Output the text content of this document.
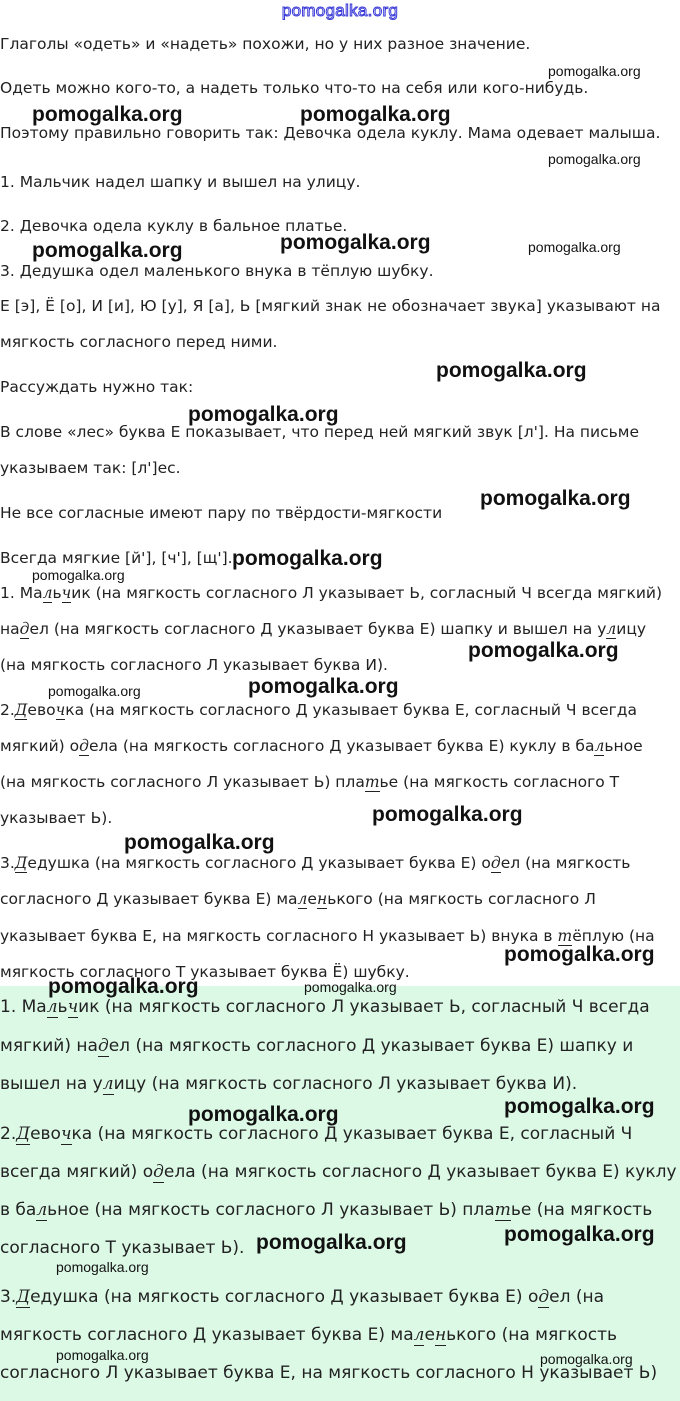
pomogalka.org
Глаголы «одеть» и «надеть» похожи, но у них разное значение.
Одеть можно кого-то, а надеть только что-то на себя или кого-нибудь.
Поэтому правильно говорить так: Девочка одела куклу. Мама одевает малыша.
1. Мальчик надел шапку и вышел на улицу.
2. Девочка одела куклу в бальное платье.
3. Дедушка одел маленького внука в тёплую шубку.
Е [э], Ё [о], И [и], Ю [у], Я [а], Ь [мягкий знак не обозначает звука] указывают на
мягкость согласного перед ними.
Рассуждать нужно так:
В слове «лес» буква Е показывает, что перед ней мягкий звук [л']. На письме
указываем так: [л']ес.
Не все согласные имеют пару по твёрдости-мягкости
Всегда мягкие [й'], [ч'], [щ'].
1. Мальчик (на мягкость согласного Л указывает Ь, согласный Ч всегда мягкий)
надел (на мягкость согласного Д указывает буква Е) шапку и вышел на улицу
(на мягкость согласного Л указывает буква И).
2.Девочка (на мягкость согласного Д указывает буква Е, согласный Ч всегда
мягкий) одела (на мягкость согласного Д указывает буква Е) куклу в бальное
(на мягкость согласного Л указывает Ь) платье (на мягкость согласного Т
указывает Ь).
3.Дедушка (на мягкость согласного Д указывает буква Е) одел (на мягкость
согласного Д указывает буква Е) маленького (на мягкость согласного Л
указывает буква Е, на мягкость согласного Н указывает Ь) внука в тёплую (на
мягкость согласного Т указывает буква Ё) шубку.
1. Мальчик (на мягкость согласного Л указывает Ь, согласный Ч всегда
мягкий) надел (на мягкость согласного Д указывает буква Е) шапку и
вышел на улицу (на мягкость согласного Л указывает буква И).
2.Девочка (на мягкость согласного Д указывает буква Е, согласный Ч
всегда мягкий) одела (на мягкость согласного Д указывает буква Е) куклу
в бальное (на мягкость согласного Л указывает Ь) платье (на мягкость
согласного Т указывает Ь).
3.Дедушка (на мягкость согласного Д указывает буква Е) одел (на
мягкость согласного Д указывает буква Е) маленького (на мягкость
согласного Л указывает буква Е, на мягкость согласного Н указывает Ь)
pomogalka.org	pomogalka.org
pomogalka.org
pomogalka.org
pomogalka.org	pomogalka.org	pomogalka.org
pomogalka.org
pomogalka.org
pomogalka.org
pomogalka.org
pomogalka.org
pomogalka.org
pomogalka.org	pomogalka.org
pomogalka.org
pomogalka.org
pomogalka.org
pomogalka.org	pomogalka.org
pomogalka.org	pomogalka.org
pomogalka.org	pomogalka.org
pomogalka.org
pomogalka.org	pomogalka.org
